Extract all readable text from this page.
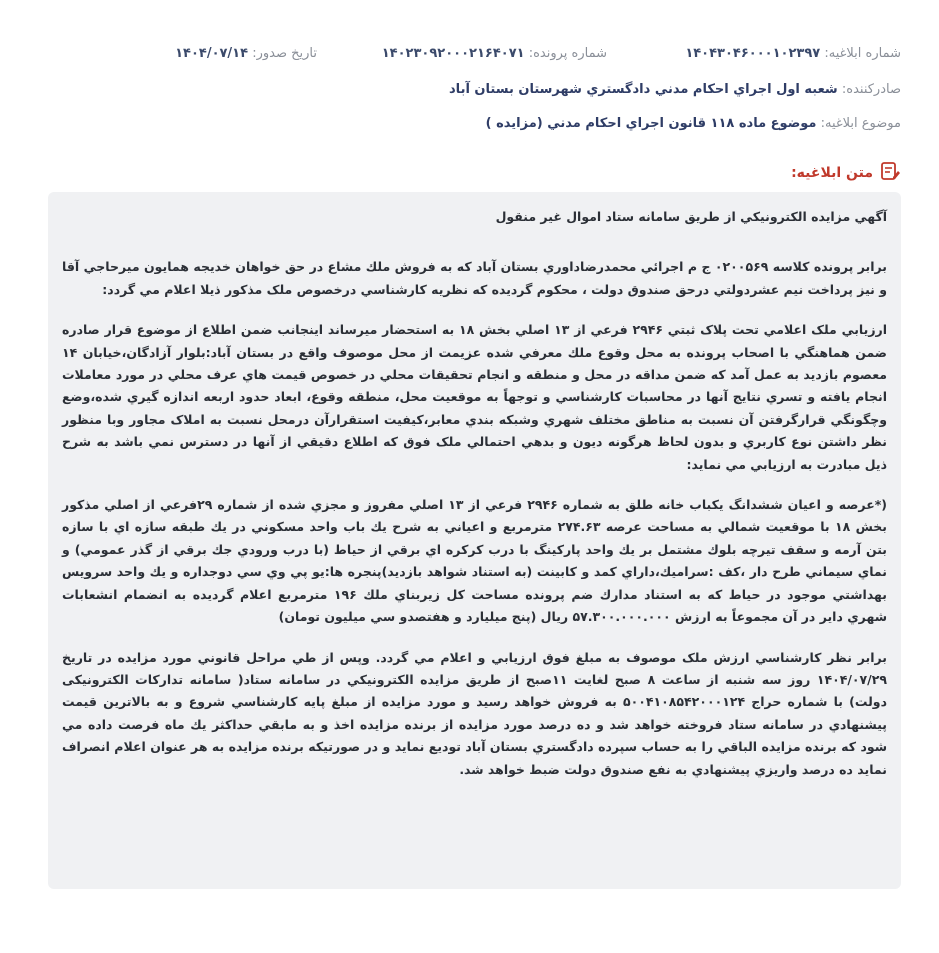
شماره ابلاغيه: ۱۴۰۴۳۰۴۶۰۰۰۱۰۲۳۹۷
شماره پرونده: ۱۴۰۲۳۰۹۲۰۰۰۲۱۶۴۰۷۱
تاريخ صدور: ۱۴۰۴/۰۷/۱۴
صادرکننده: شعبه اول اجراي احکام مدني دادگستري شهرستان بستان آباد
موضوع ابلاغيه: موضوع ماده ۱۱۸ قانون اجراي احکام مدني (مزايده )
متن ابلاغيه:

آگهي مزايده الکترونيکي از طريق سامانه ستاد اموال غير منقول

برابر پرونده كلاسه ۰۲۰۰۵۶۹ ج م اجرائي محمدرضاداوري بستان آباد كه به فروش ملك مشاع در حق خواهان خديجه همايون ميرحاجي آقا و نيز پرداخت نيم عشردولتي درحق صندوق دولت ، محكوم گرديده كه نظريه كارشناسي درخصوص ملک مذکور ذيلا اعلام مي گردد:

ارزيابي ملک اعلامي تحت پلاک ثبتي ۲۹۴۶ فرعي از ۱۳ اصلي بخش ۱۸ به استحضار ميرساند اينجانب ضمن اطلاع از موضوع قرار صادره ضمن هماهنگي با اصحاب پرونده به محل وقوع ملك معرفي شده عزيمت از محل موصوف واقع در بستان آباد:بلوار آزادگان،خيابان ۱۴ معصوم بازديد به عمل آمد که ضمن مداقه در محل و منطقه و انجام تحقيقات محلي در خصوص قيمت هاي عرف محلي در مورد معاملات انجام يافته و تسري نتايج آنها در محاسبات كارشناسي و توجهاً به موقعيت محل، منطقه وقوع، ابعاد حدود اربعه اندازه گيري شده،وضع وچگونگي قرارگرفتن آن نسبت به مناطق مختلف شهري وشبكه بندي معابر،كيفيت استقرارآن درمحل نسبت به املاک مجاور وبا منظور نظر داشتن نوع كاربري و بدون لحاظ هرگونه ديون و بدهي احتمالي ملک فوق كه اطلاع دقيقي از آنها در دسترس نمي باشد به شرح ذيل مبادرت به ارزيابي مي نمايد:

(*عرصه و اعيان ششدانگ يکباب خانه طلق به شماره ۲۹۴۶ فرعي از ۱۳ اصلي مفروز و مجزي شده از شماره ۲۹فرعي از اصلي مذکور بخش ۱۸ با موقعيت شمالي به مساحت عرصه ۲۷۴.۶۳ مترمربع و اعياني به شرح يك باب واحد مسكوني در يك طبقه سازه اي با سازه بتن آرمه و سقف تيرچه بلوك مشتمل بر يك واحد پاركينگ با درب كركره اي برقي از حياط (با درب ورودي جك برقي از گذر عمومي) و نماي سيماني طرح دار ،كف :سراميك،داراي كمد و كابينت (به استناد شواهد بازديد)پنجره ها:يو پي وي سي دوجداره و يك واحد سرويس بهداشتي موجود در حياط كه به استناد مدارك ضم پرونده مساحت كل زيربناي ملك ۱۹۶ مترمربع اعلام گرديده به انضمام انشعابات شهري داير در آن مجموعاً به ارزش ۵۷.۳۰۰.۰۰۰.۰۰۰ ريال (پنج ميلیارد و هفتصدو سي ميليون تومان)

برابر نظر کارشناسي ارزش ملک موصوف به مبلغ فوق ارزيابي و اعلام مي گردد. وپس از طي مراحل قانوني مورد مزايده در تاريخ ۱۴۰۴/۰۷/۲۹ روز سه شنبه از ساعت ۸ صبح لغايت ۱۱صبح از طريق مزايده الکترونيکي در سامانه ستاد( سامانه تدارکات الکترونيکی دولت) با شماره حراج ۵۰۰۴۱۰۸۵۴۲۰۰۰۱۲۴ به فروش خواهد رسيد و مورد مزايده از مبلغ پايه کارشناسي شروع و به بالاترين قيمت پيشنهادي در سامانه ستاد فروخته خواهد شد و ده درصد مورد مزايده از برنده مزايده اخذ و به مابقي حداکثر يك ماه فرصت داده مي شود که برنده مزايده الباقي را به حساب سپرده دادگستري بستان آباد توديع نمايد و در صورتيکه برنده مزايده به هر عنوان اعلام انصراف نمايد ده درصد واريزي پيشنهادي به نفع صندوق دولت ضبط خواهد شد.
